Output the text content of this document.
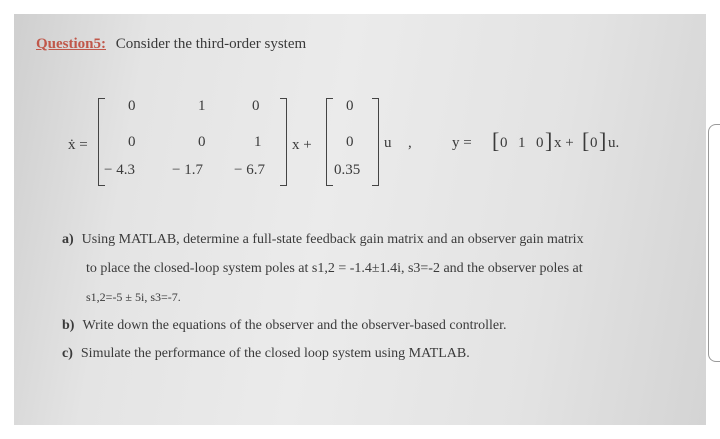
Question5: Consider the third-order system
ẋ =
0	1	0
0	0	1
− 4.3 − 1.7 − 6.7
x +
0
0
0.35
u ,	y = [ 0 1 0 ] x + [ 0 ] u.
a) Using MATLAB, determine a full-state feedback gain matrix and an observer gain matrix
to place the closed-loop system poles at s1,2 = -1.4±1.4i, s3=-2 and the observer poles at
s1,2=-5 ± 5i, s3=-7.
b) Write down the equations of the observer and the observer-based controller.
c) Simulate the performance of the closed loop system using MATLAB.
